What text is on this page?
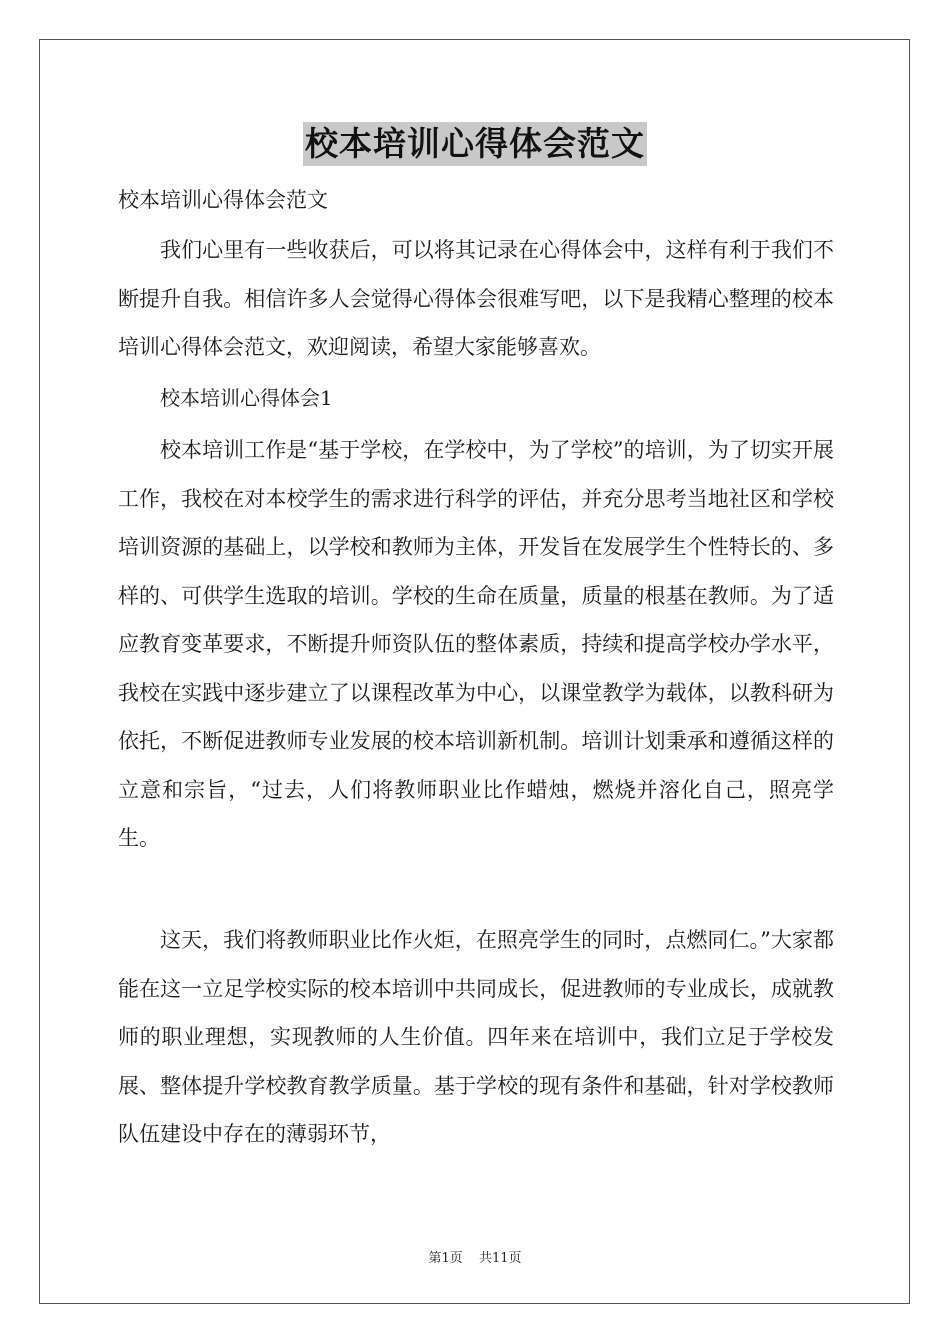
校本培训心得体会范文
校本培训心得体会范文

我们心里有一些收获后，可以将其记录在心得体会中，这样有利于我们不断提升自我。相信许多人会觉得心得体会很难写吧，以下是我精心整理的校本培训心得体会范文，欢迎阅读，希望大家能够喜欢。

校本培训心得体会1

校本培训工作是“基于学校，在学校中，为了学校”的培训，为了切实开展工作，我校在对本校学生的需求进行科学的评估，并充分思考当地社区和学校培训资源的基础上，以学校和教师为主体，开发旨在发展学生个性特长的、多样的、可供学生选取的培训。学校的生命在质量，质量的根基在教师。为了适应教育变革要求，不断提升师资队伍的整体素质，持续和提高学校办学水平，我校在实践中逐步建立了以课程改革为中心，以课堂教学为载体，以教科研为依托，不断促进教师专业发展的校本培训新机制。培训计划秉承和遵循这样的立意和宗旨，“过去，人们将教师职业比作蜡烛，燃烧并溶化自己，照亮学生。

这天，我们将教师职业比作火炬，在照亮学生的同时，点燃同仁。”大家都能在这一立足学校实际的校本培训中共同成长，促进教师的专业成长，成就教师的职业理想，实现教师的人生价值。四年来在培训中，我们立足于学校发展、整体提升学校教育教学质量。基于学校的现有条件和基础，针对学校教师队伍建设中存在的薄弱环节，

第1页 共11页
